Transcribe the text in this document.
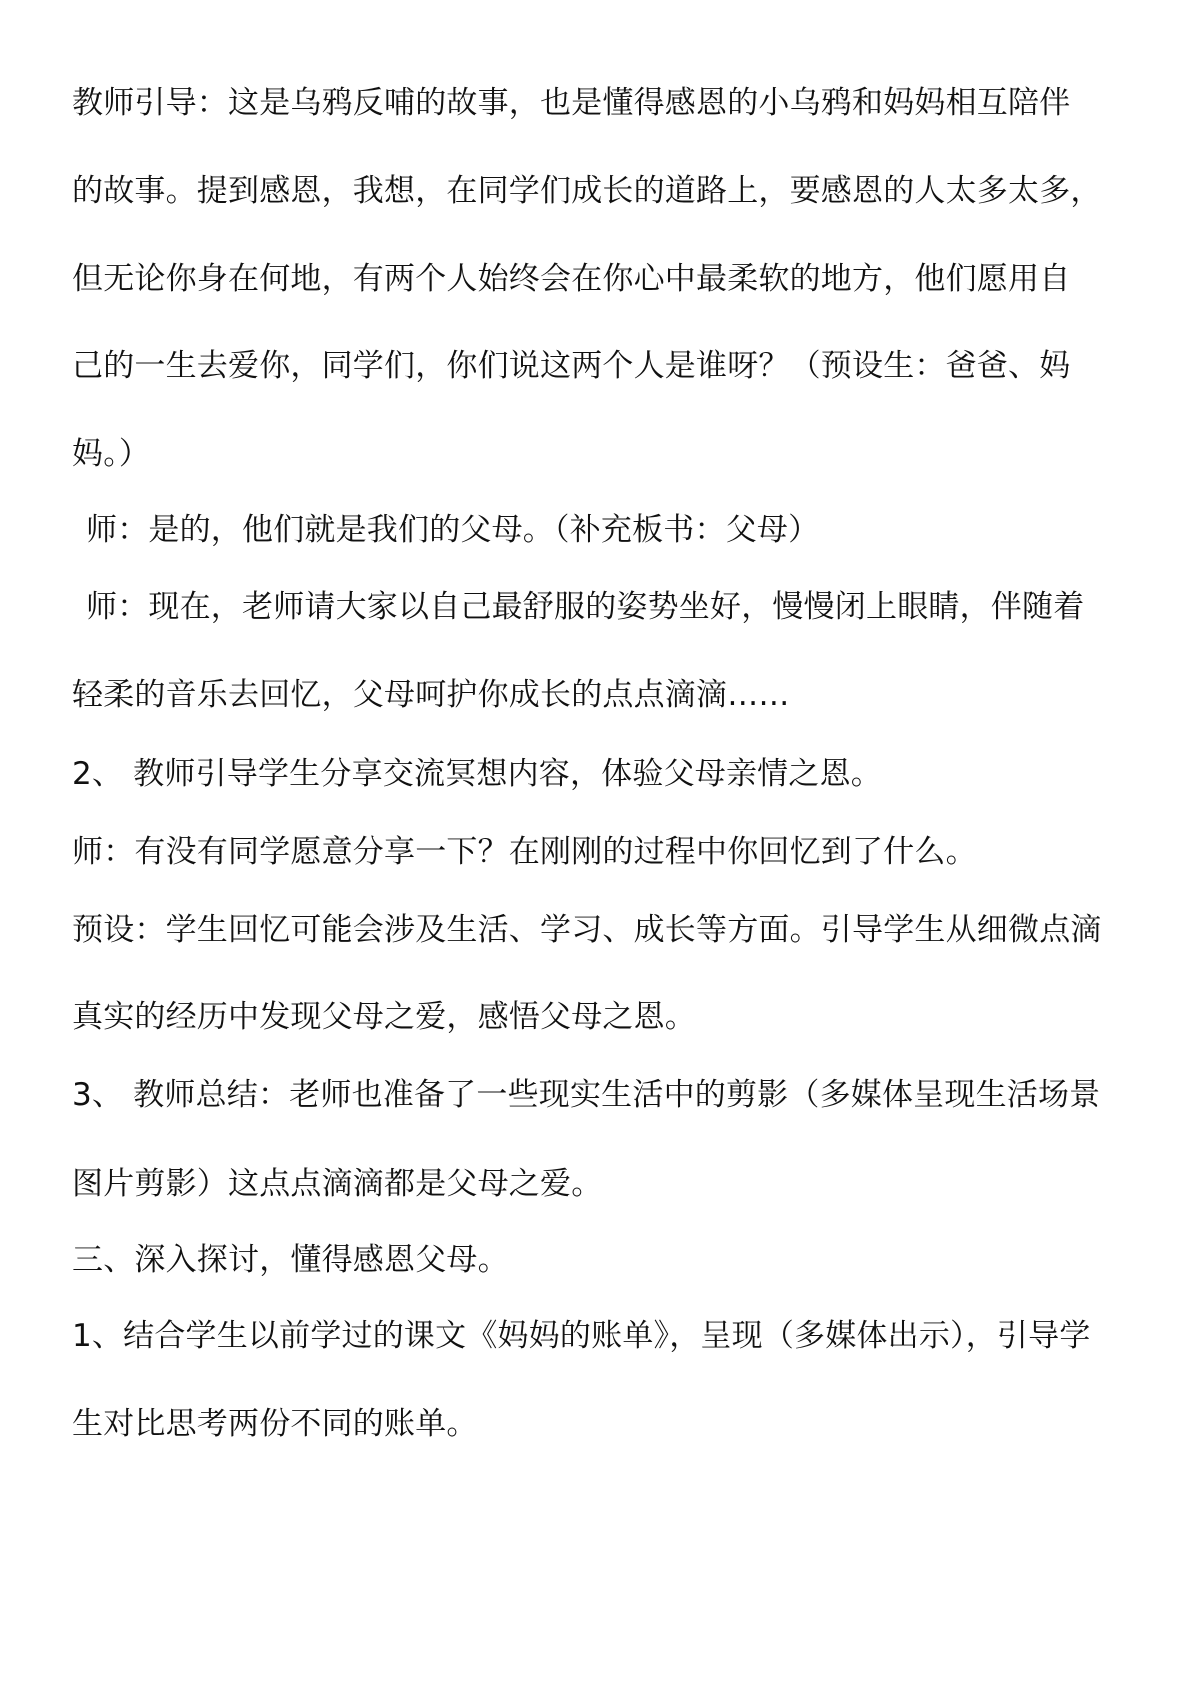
教师引导：这是乌鸦反哺的故事，也是懂得感恩的小乌鸦和妈妈相互陪伴
的故事。提到感恩，我想，在同学们成长的道路上，要感恩的人太多太多，
但无论你身在何地，有两个人始终会在你心中最柔软的地方，他们愿用自
己的一生去爱你，同学们，你们说这两个人是谁呀？（预设生：爸爸、妈
妈。）
师：是的，他们就是我们的父母。（补充板书：父母）
师：现在，老师请大家以自己最舒服的姿势坐好，慢慢闭上眼睛，伴随着
轻柔的音乐去回忆，父母呵护你成长的点点滴滴……
2、 教师引导学生分享交流冥想内容，体验父母亲情之恩。
师：有没有同学愿意分享一下？在刚刚的过程中你回忆到了什么。
预设：学生回忆可能会涉及生活、学习、成长等方面。引导学生从细微点滴
真实的经历中发现父母之爱，感悟父母之恩。
3、 教师总结：老师也准备了一些现实生活中的剪影（多媒体呈现生活场景
图片剪影）这点点滴滴都是父母之爱。
三、深入探讨，懂得感恩父母。
1、结合学生以前学过的课文《妈妈的账单》，呈现（多媒体出示），引导学
生对比思考两份不同的账单。
